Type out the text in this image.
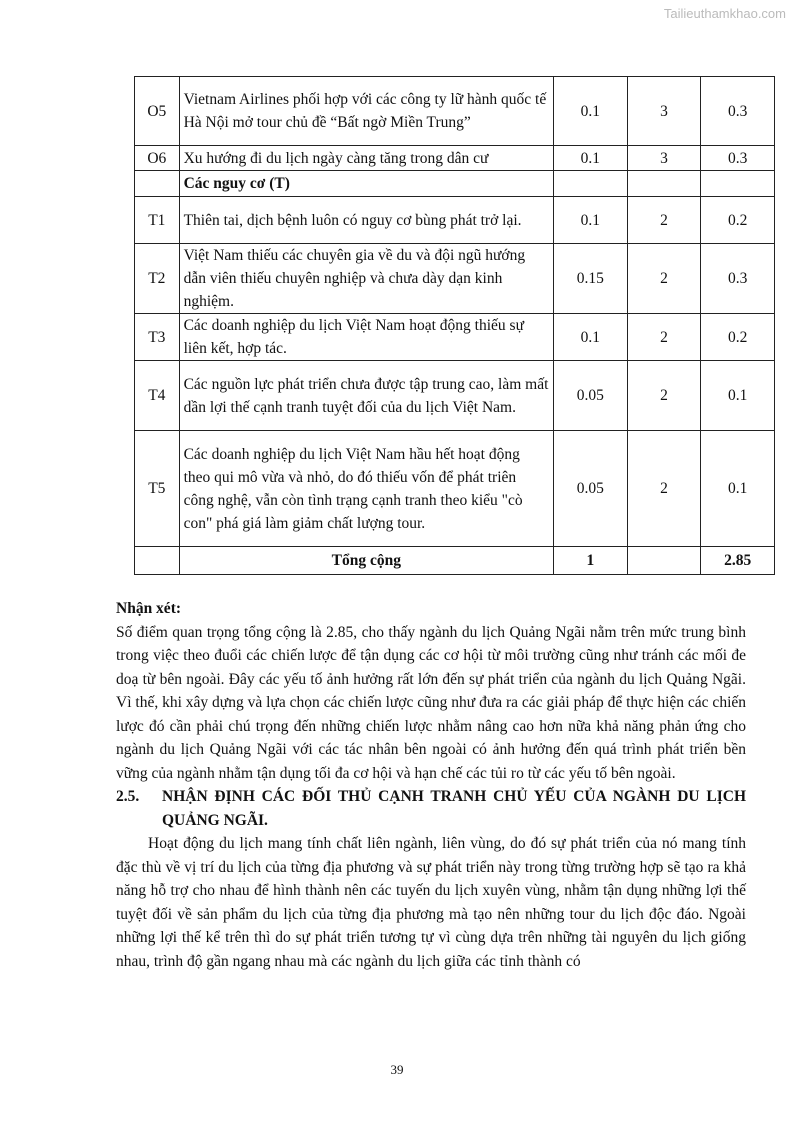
Tailieuthamkhao.com
O5	Vietnam Airlines phối hợp với các công ty lữ hành quốc tế Hà Nội mở tour chủ đề “Bất ngờ Miền Trung”	0.1	3	0.3
O6	Xu hướng đi du lịch ngày càng tăng trong dân cư	0.1	3	0.3
	Các nguy cơ (T)			
T1	Thiên tai, dịch bệnh luôn có nguy cơ bùng phát trở lại.	0.1	2	0.2
T2	Việt Nam thiếu các chuyên gia về du và đội ngũ hướng dẫn viên thiếu chuyên nghiệp và chưa dày dạn kinh nghiệm.	0.15	2	0.3
T3	Các doanh nghiệp du lịch Việt Nam hoạt động thiếu sự liên kết, hợp tác.	0.1	2	0.2
T4	Các nguồn lực phát triển chưa được tập trung cao, làm mất dần lợi thế cạnh tranh tuyệt đối của du lịch Việt Nam.	0.05	2	0.1
T5	Các doanh nghiệp du lịch Việt Nam hầu hết hoạt động theo qui mô vừa và nhỏ, do đó thiếu vốn để phát triên công nghệ, vẫn còn tình trạng cạnh tranh theo kiểu "cò con" phá giá làm giảm chất lượng tour.	0.05	2	0.1
	Tổng cộng	1		2.85

Nhận xét:

Số điểm quan trọng tổng cộng là 2.85, cho thấy ngành du lịch Quảng Ngãi nằm trên mức trung bình trong việc theo đuổi các chiến lược để tận dụng các cơ hội từ môi trường cũng như tránh các mối đe doạ từ bên ngoài. Đây các yếu tố ảnh hưởng rất lớn đến sự phát triển của ngành du lịch Quảng Ngãi. Vì thế, khi xây dựng và lựa chọn các chiến lược cũng như đưa ra các giải pháp để thực hiện các chiến lược đó cần phải chú trọng đến những chiến lược nhằm nâng cao hơn nữa khả năng phản ứng cho ngành du lịch Quảng Ngãi với các tác nhân bên ngoài có ảnh hưởng đến quá trình phát triển bền vững của ngành nhằm tận dụng tối đa cơ hội và hạn chế các tủi ro từ các yếu tố bên ngoài.

2.5.	NHẬN ĐỊNH CÁC ĐỐI THỦ CẠNH TRANH CHỦ YẾU CỦA NGÀNH DU LỊCH QUẢNG NGÃI.

Hoạt động du lịch mang tính chất liên ngành, liên vùng, do đó sự phát triển của nó mang tính đặc thù về vị trí du lịch của từng địa phương và sự phát triển này trong từng trường hợp sẽ tạo ra khả năng hỗ trợ cho nhau để hình thành nên các tuyến du lịch xuyên vùng, nhằm tận dụng những lợi thế tuyệt đối về sản phẩm du lịch của từng địa phương mà tạo nên những tour du lịch độc đáo. Ngoài những lợi thế kể trên thì do sự phát triển tương tự vì cùng dựa trên những tài nguyên du lịch giống nhau, trình độ gần ngang nhau mà các ngành du lịch giữa các tỉnh thành có

39
